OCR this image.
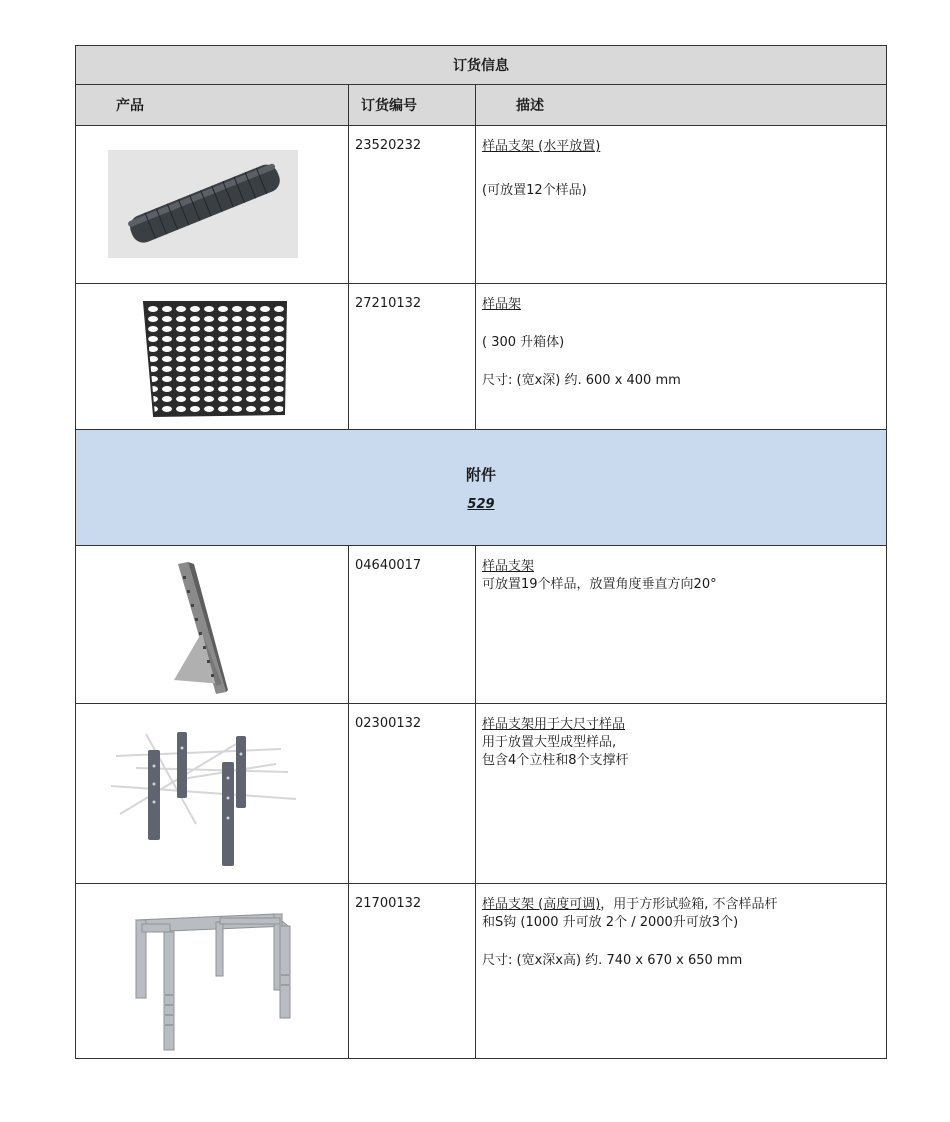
订货信息		
产品	订货编号	描述

	23520232	样品支架 (水平放置)

(可放置12个样品)

	27210132	样品架

( 300 升箱体)

尺寸: (宽x深) 约. 600 x 400 mm

附件
529		

	04640017	样品支架

可放置19个样品，放置角度垂直方向20°

	02300132	样品支架用于大尺寸样品

用于放置大型成型样品,

包含4个立柱和8个支撑杆

	21700132	样品支架 (高度可调)，用于方形试验箱, 不含样品杆和S钩 (1000 升可放 2个 / 2000升可放3个)

尺寸: (宽x深x高) 约. 740 x 670 x 650 mm
